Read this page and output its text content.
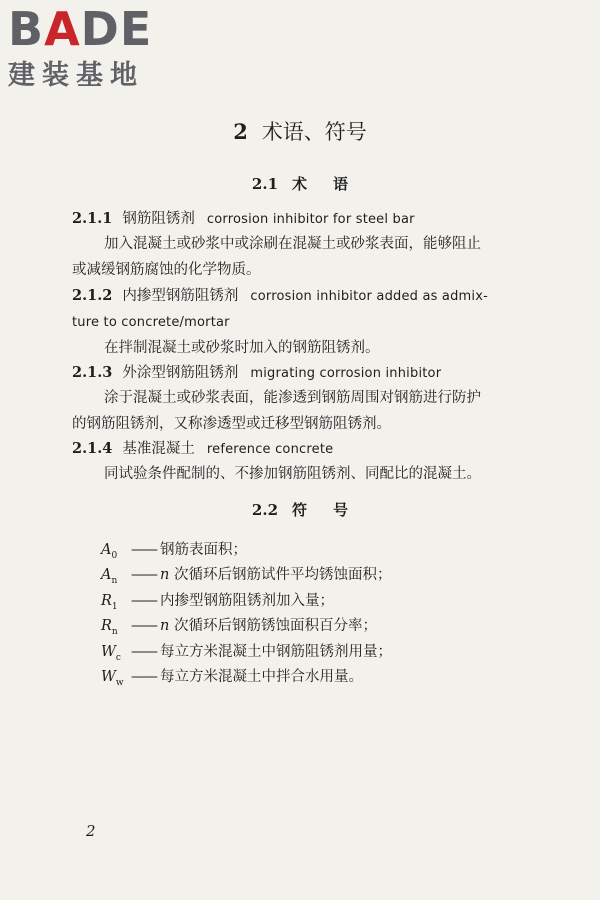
BADE
建装基地
2 术语、符号
2.1 术 语
2.1.1 钢筋阻锈剂 corrosion inhibitor for steel bar
加入混凝土或砂浆中或涂刷在混凝土或砂浆表面，能够阻止
或减缓钢筋腐蚀的化学物质。
2.1.2 内掺型钢筋阻锈剂 corrosion inhibitor added as admix-
ture to concrete/mortar
在拌制混凝土或砂浆时加入的钢筋阻锈剂。
2.1.3 外涂型钢筋阻锈剂 migrating corrosion inhibitor
涂于混凝土或砂浆表面，能渗透到钢筋周围对钢筋进行防护
的钢筋阻锈剂，又称渗透型或迁移型钢筋阻锈剂。
2.1.4 基准混凝土 reference concrete
同试验条件配制的、不掺加钢筋阻锈剂、同配比的混凝土。
2.2 符 号
$A_0$ —— 钢筋表面积；
$A_n$ —— n 次循环后钢筋试件平均锈蚀面积；
$R_1$ —— 内掺型钢筋阻锈剂加入量；
$R_n$ —— n 次循环后钢筋锈蚀面积百分率；
$W_c$ —— 每立方米混凝土中钢筋阻锈剂用量；
$W_w$ —— 每立方米混凝土中拌合水用量。
2
